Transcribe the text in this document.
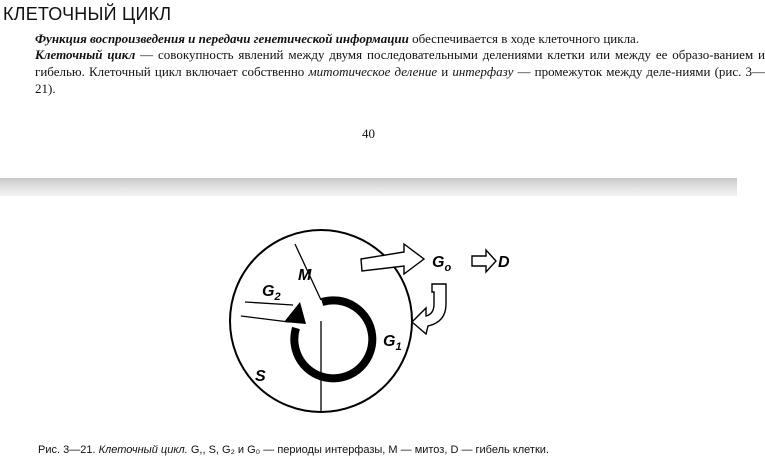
КЛЕТОЧНЫЙ ЦИКЛ

Функция воспроизведения и передачи генетической информации обеспечивается в ходе клеточного цикла.

Клеточный цикл — совокупность явлений между двумя последовательными делениями клетки или между ее образо-ванием и гибелью. Клеточный цикл включает собственно митотическое деление и интерфазу — промежуток между деле-ниями (рис. 3—21).

40
M
$G_2$
S
$G_1$
$G_o$	D
Рис. 3—21. Клеточный цикл. G,, S, G₂ и G₀ — периоды интерфазы, М — митоз, D — гибель клетки.
